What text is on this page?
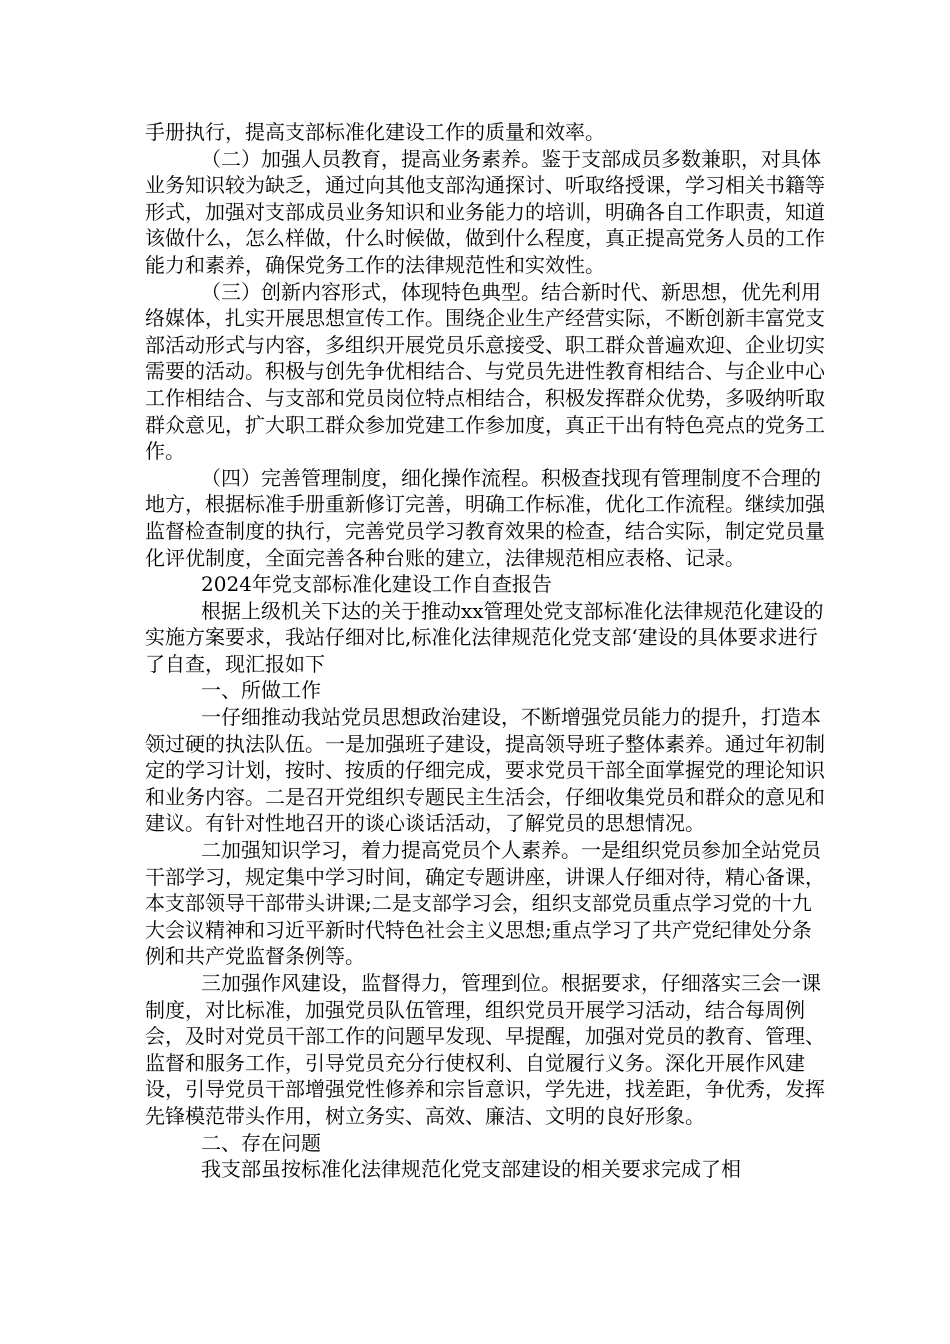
手册执行，提高支部标准化建设工作的质量和效率。

（二）加强人员教育，提高业务素养。鉴于支部成员多数兼职，对具体业务知识较为缺乏，通过向其他支部沟通探讨、听取络授课，学习相关书籍等形式，加强对支部成员业务知识和业务能力的培训，明确各自工作职责，知道该做什么，怎么样做，什么时候做，做到什么程度，真正提高党务人员的工作能力和素养，确保党务工作的法律规范性和实效性。

（三）创新内容形式，体现特色典型。结合新时代、新思想，优先利用络媒体，扎实开展思想宣传工作。围绕企业生产经营实际，不断创新丰富党支部活动形式与内容，多组织开展党员乐意接受、职工群众普遍欢迎、企业切实需要的活动。积极与创先争优相结合、与党员先进性教育相结合、与企业中心工作相结合、与支部和党员岗位特点相结合，积极发挥群众优势，多吸纳听取群众意见，扩大职工群众参加党建工作参加度，真正干出有特色亮点的党务工作。

（四）完善管理制度，细化操作流程。积极查找现有管理制度不合理的地方，根据标准手册重新修订完善，明确工作标准，优化工作流程。继续加强监督检查制度的执行，完善党员学习教育效果的检查，结合实际，制定党员量化评优制度，全面完善各种台账的建立，法律规范相应表格、记录。

2024年党支部标准化建设工作自查报告

根据上级机关下达的关于推动xx管理处党支部标准化法律规范化建设的实施方案要求，我站仔细对比,标准化法律规范化党支部‘建设的具体要求进行了自查，现汇报如下

一、所做工作

一仔细推动我站党员思想政治建设，不断增强党员能力的提升，打造本领过硬的执法队伍。一是加强班子建设，提高领导班子整体素养。通过年初制定的学习计划，按时、按质的仔细完成，要求党员干部全面掌握党的理论知识和业务内容。二是召开党组织专题民主生活会，仔细收集党员和群众的意见和建议。有针对性地召开的谈心谈话活动，了解党员的思想情况。

二加强知识学习，着力提高党员个人素养。一是组织党员参加全站党员干部学习，规定集中学习时间，确定专题讲座，讲课人仔细对待，精心备课，本支部领导干部带头讲课;二是支部学习会，组织支部党员重点学习党的十九大会议精神和习近平新时代特色社会主义思想;重点学习了共产党纪律处分条例和共产党监督条例等。

三加强作风建设，监督得力，管理到位。根据要求，仔细落实三会一课制度，对比标准，加强党员队伍管理，组织党员开展学习活动，结合每周例会，及时对党员干部工作的问题早发现、早提醒，加强对党员的教育、管理、监督和服务工作，引导党员充分行使权利、自觉履行义务。深化开展作风建设，引导党员干部增强党性修养和宗旨意识，学先进，找差距，争优秀，发挥先锋模范带头作用，树立务实、高效、廉洁、文明的良好形象。

二、存在问题

我支部虽按标准化法律规范化党支部建设的相关要求完成了相
